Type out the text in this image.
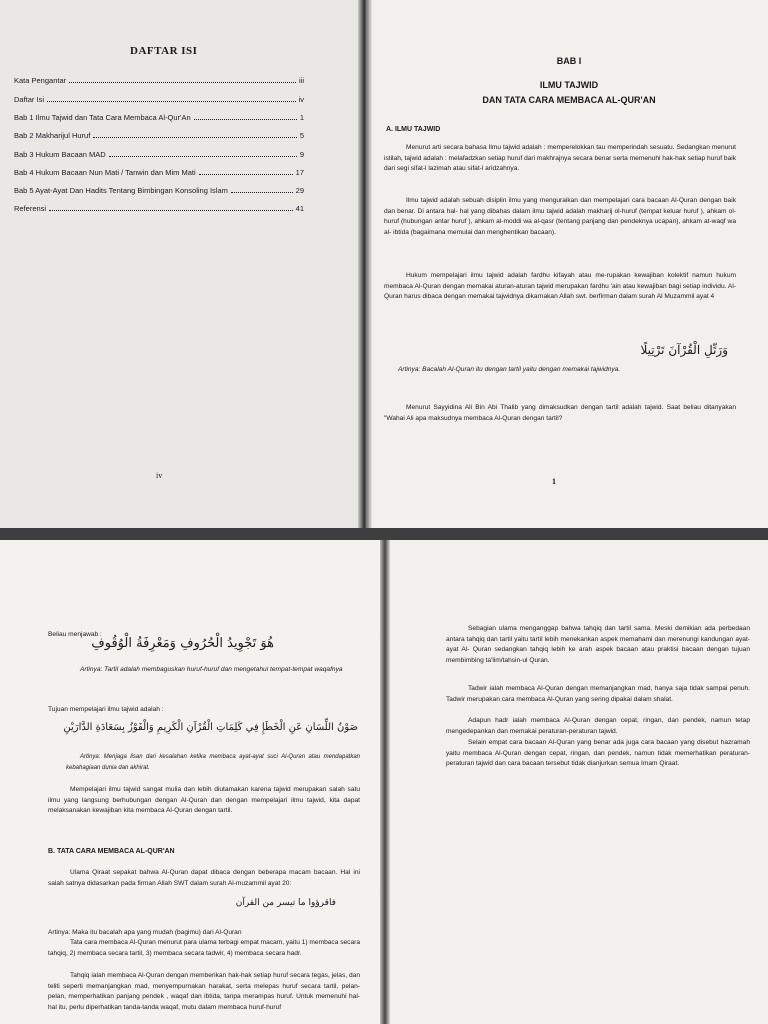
DAFTAR ISI
Kata Pengantar	iii
Daftar Isi	iv
Bab 1 Ilmu Tajwid dan Tata Cara Membaca Al-Qur'An	1
Bab 2 Makharijul Huruf	5
Bab 3 Hukum Bacaan MAD	9
Bab 4 Hukum Bacaan Nun Mati / Tanwin dan Mim Mati	17
Bab 5 Ayat-Ayat Dan Hadits Tentang Bimbingan Konsoling Islam	29
Referensi	41
iv
BAB I
ILMU TAJWID
DAN TATA CARA MEMBACA AL-QUR'AN
A. ILMU TAJWID

Menurut arti secara bahasa Ilmu tajwid adalah : memperelokkan tau memperindah sesuatu. Sedangkan menurut istilah, tajwid adalah : melafadzkan setiap huruf dari makhrajnya secara benar serta memenuhi hak-hak setiap huruf baik dari segi sifat-l lazimah atau sifat-l aridzahnya.

Ilmu tajwid adalah sebuah disiplin ilmu yang menguraikan dan mempelajari cara bacaan Al-Quran dengan baik dan benar. Di antara hal- hal yang dibahas dalam ilmu tajwid adalah makharij ol-huruf (tempat keluar huruf ), ahkam ol-huruf (hubungan antar huruf ), ahkam al-moddi wa al-qasr (tentang panjang dan pendeknya ucapan), ahkam at-waqf wa al- ibtida (bagaimana memulai dan menghentikan bacaan).

Hukum mempelajari ilmu tajwid adalah fardhu kifayah atau me-rupakan kewajiban kolektif namun hukum membaca Al-Quran dengan memakai aturan-aturan tajwid merupakan fardhu 'ain atau kewajiban bagi setiap individu. Al-Quran harus dibaca dengan memakai tajwidnya dikarnakan Allah swt. berfirman dalam surah Al Muzammil ayat 4

وَرَتِّلِ الْقُرْآنَ تَرْتِيلًا

Artinya: Bacalah Al-Quran itu dengan tartil yaitu dengan memakai tajwidnya.

Menurut Sayyidina Ali Bin Abi Thalib yang dimaksudkan dengan tartil adalah tajwid. Saat beliau ditanyakan "Wahai Ali apa maksudnya membaca Al-Quran dengan tartil?

1
Beliau menjawab :
هُوَ تَجْوِيدُ الْحُرُوفِ وَمَعْرِفَةُ الْوُقُوفِ

Artinya: Tartil adalah membaguskan huruf-huruf dan mengetahui tempat-tempat waqafnya

Tujuan mempelajari ilmu tajwid adalah :
صَوْنُ اللِّسَانِ عَنِ الْخَطَإِ فِي كَلِمَاتِ الْقُرْآنِ الْكَرِيمِ وَالْفَوْزُ بِسَعَادَةِ الدَّارَيْنِ

Artinya: Menjaga lisan dari kesalahan ketika membaca ayat-ayat suci Al-Quran atau mendapatkan kebahagiaan dunia dan akhirat.

Mempelajari ilmu tajwid sangat mulia dan lebih diutamakan karena tajwid merupakan salah satu ilmu yang langsung berhubungan dengan Al-Quran dan dengan mempelajari ilmu tajwid, kita dapat melaksanakan kewajiban kita membaca Al-Quran dengan tartil.

B. TATA CARA MEMBACA AL-QUR'AN

Ulama Qiraat sepakat bahwa Al-Quran dapat dibaca dengan beberapa macam bacaan. Hal ini salah satnya didasarkan pada firman Allah SWT dalam surah Al-muzammil ayat 20:

فاقرؤوا ما تيسر من القرآن
Artinya: Maka itu bacalah apa yang mudah (bagimu) dari Al-Quran

Tata cara membaca Al-Quran menurut para ulama terbagi empat macam, yaitu 1) membaca secara tahqiq, 2) membaca secara tartil, 3) membaca secara tadwir, 4) membaca secara hadr.

Tahqiq ialah membaca Al-Quran dengan memberikan hak-hak setiap huruf secara tegas, jelas, dan teliti seperti memanjangkan mad, menyempurnakan harakat, serta melepas huruf secara tartil, pelan-pelan, memperhatikan panjang pendek , waqaf dan ibtida, tanpa merampas huruf. Untuk memenuhi hal-hal itu, perlu diperhatikan tanda-tanda waqaf, mutu dalam membaca huruf-huruf

Sebagian ulama menganggap bahwa tahqiq dan tartil sama. Meski demikian ada perbedaan antara tahqiq dan tartil yaitu tartil lebih menekankan aspek memahami dan merenungi kandungan ayat-ayat Al- Quran sedangkan tahqiq lebih ke arah aspek bacaan atau praktisi bacaan dengan tujuan membimbing ta'lim/tahsin-ul Quran.

Tadwir ialah membaca Al-Quran dengan memanjangkan mad, hanya saja tidak sampai penuh. Tadwir merupakan cara membaca Al-Quran yang sering dipakai dalam shalat.

Adapun hadr ialah membaca Al-Quran dengan cepat, ringan, dan pendek, namun tetap mengedepankan dan memakai peraturan-peraturan tajwid.

Selain empat cara bacaan Al-Quran yang benar ada juga cara bacaan yang disebut hazramah yaitu membaca Al-Quran dengan cepat, ringan, dan pendek, namun tidak memerhatikan peraturan-peraturan tajwid dan cara bacaan tersebut tidak dianjurkan semua Imam Qiraat.
